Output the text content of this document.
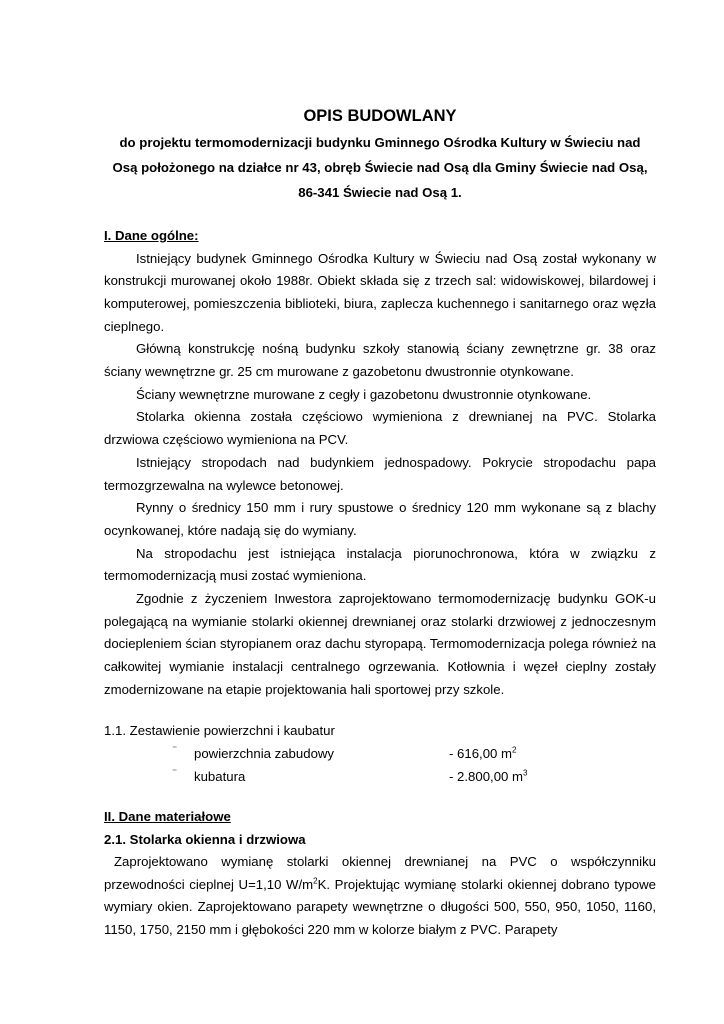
OPIS BUDOWLANY
do projektu termomodernizacji budynku Gminnego Ośrodka Kultury w Świeciu nad
Osą położonego na działce nr 43, obręb Świecie nad Osą dla Gminy Świecie nad Osą,
86-341 Świecie nad Osą 1.
I. Dane ogólne:

Istniejący budynek Gminnego Ośrodka Kultury w Świeciu nad Osą został wykonany w konstrukcji murowanej około 1988r. Obiekt składa się z trzech sal: widowiskowej, bilardowej i komputerowej, pomieszczenia biblioteki, biura, zaplecza kuchennego i sanitarnego oraz węzła cieplnego.

Główną konstrukcję nośną budynku szkoły stanowią ściany zewnętrzne gr. 38 oraz ściany wewnętrzne gr. 25 cm murowane z gazobetonu dwustronnie otynkowane.

Ściany wewnętrzne murowane z cegły i gazobetonu dwustronnie otynkowane.

Stolarka okienna została częściowo wymieniona z drewnianej na PVC. Stolarka drzwiowa częściowo wymieniona na PCV.

Istniejący stropodach nad budynkiem jednospadowy. Pokrycie stropodachu papa termozgrzewalna na wylewce betonowej.

Rynny o średnicy 150 mm i rury spustowe o średnicy 120 mm wykonane są z blachy ocynkowanej, które nadają się do wymiany.

Na stropodachu jest istniejąca instalacja piorunochronowa, która w związku z termomodernizacją musi zostać wymieniona.

Zgodnie z życzeniem Inwestora zaprojektowano termomodernizację budynku GOK-u polegającą na wymianie stolarki okiennej drewnianej oraz stolarki drzwiowej z jednoczesnym dociepleniem ścian styropianem oraz dachu styropapą. Termomodernizacja polega również na całkowitej wymianie instalacji centralnego ogrzewania. Kotłownia i węzeł cieplny zostały zmodernizowane na etapie projektowania hali sportowej przy szkole.

1.1. Zestawienie powierzchni i kaubatur

⁻	powierzchnia zabudowy	- 616,00 $m^2$
⁻	kubatura	- 2.800,00 $m^3$
II. Dane materiałowe
2.1. Stolarka okienna i drzwiowa

Zaprojektowano wymianę stolarki okiennej drewnianej na PVC o współczynniku przewodności cieplnej U=1,10 $W/m^2K$. Projektując wymianę stolarki okiennej dobrano typowe wymiary okien. Zaprojektowano parapety wewnętrzne o długości 500, 550, 950, 1050, 1160, 1150, 1750, 2150 mm i głębokości 220 mm w kolorze białym z PVC. Parapety
